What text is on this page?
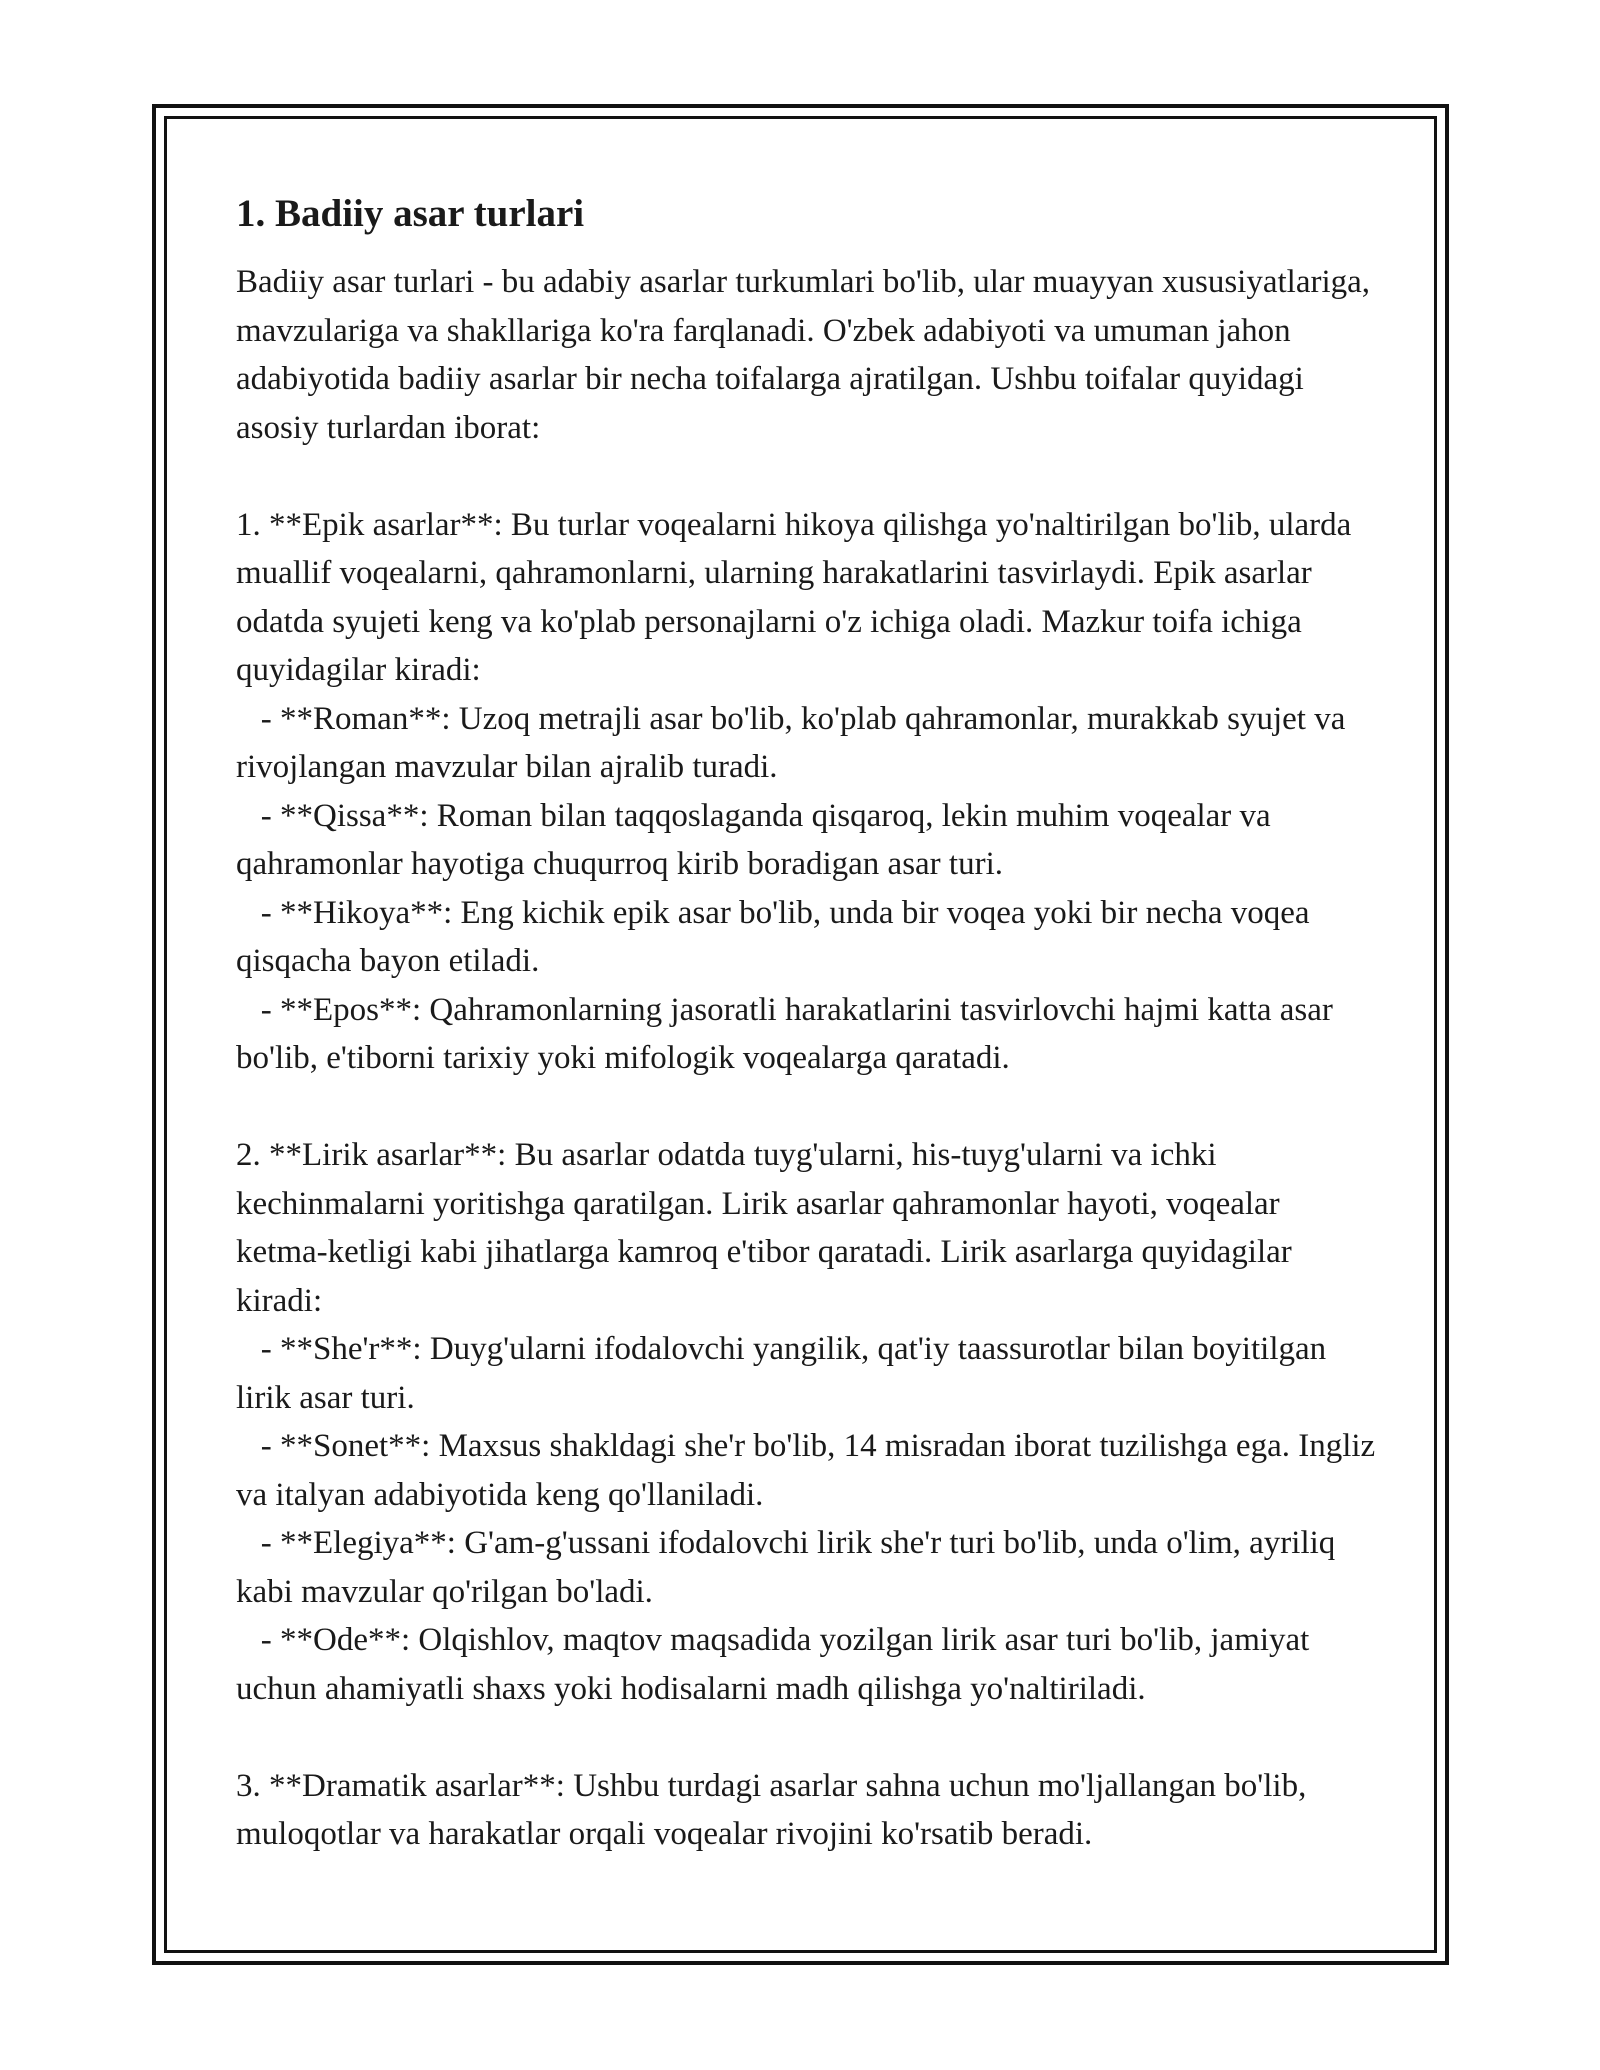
1. Badiiy asar turlari

Badiiy asar turlari - bu adabiy asarlar turkumlari bo'lib, ular muayyan xususiyatlariga, mavzulariga va shakllariga ko'ra farqlanadi. O'zbek adabiyoti va umuman jahon adabiyotida badiiy asarlar bir necha toifalarga ajratilgan. Ushbu toifalar quyidagi asosiy turlardan iborat:

1. **Epik asarlar**: Bu turlar voqealarni hikoya qilishga yo'naltirilgan bo'lib, ularda muallif voqealarni, qahramonlarni, ularning harakatlarini tasvirlaydi. Epik asarlar odatda syujeti keng va ko'plab personajlarni o'z ichiga oladi. Mazkur toifa ichiga quyidagilar kiradi:

- **Roman**: Uzoq metrajli asar bo'lib, ko'plab qahramonlar, murakkab syujet va rivojlangan mavzular bilan ajralib turadi.

- **Qissa**: Roman bilan taqqoslaganda qisqaroq, lekin muhim voqealar va qahramonlar hayotiga chuqurroq kirib boradigan asar turi.

- **Hikoya**: Eng kichik epik asar bo'lib, unda bir voqea yoki bir necha voqea qisqacha bayon etiladi.

- **Epos**: Qahramonlarning jasoratli harakatlarini tasvirlovchi hajmi katta asar bo'lib, e'tiborni tarixiy yoki mifologik voqealarga qaratadi.

2. **Lirik asarlar**: Bu asarlar odatda tuyg'ularni, his-tuyg'ularni va ichki kechinmalarni yoritishga qaratilgan. Lirik asarlar qahramonlar hayoti, voqealar ketma-ketligi kabi jihatlarga kamroq e'tibor qaratadi. Lirik asarlarga quyidagilar kiradi:

- **She'r**: Duyg'ularni ifodalovchi yangilik, qat'iy taassurotlar bilan boyitilgan lirik asar turi.

- **Sonet**: Maxsus shakldagi she'r bo'lib, 14 misradan iborat tuzilishga ega. Ingliz va italyan adabiyotida keng qo'llaniladi.

- **Elegiya**: G'am-g'ussani ifodalovchi lirik she'r turi bo'lib, unda o'lim, ayriliq kabi mavzular qo'rilgan bo'ladi.

- **Ode**: Olqishlov, maqtov maqsadida yozilgan lirik asar turi bo'lib, jamiyat uchun ahamiyatli shaxs yoki hodisalarni madh qilishga yo'naltiriladi.

3. **Dramatik asarlar**: Ushbu turdagi asarlar sahna uchun mo'ljallangan bo'lib, muloqotlar va harakatlar orqali voqealar rivojini ko'rsatib beradi.
